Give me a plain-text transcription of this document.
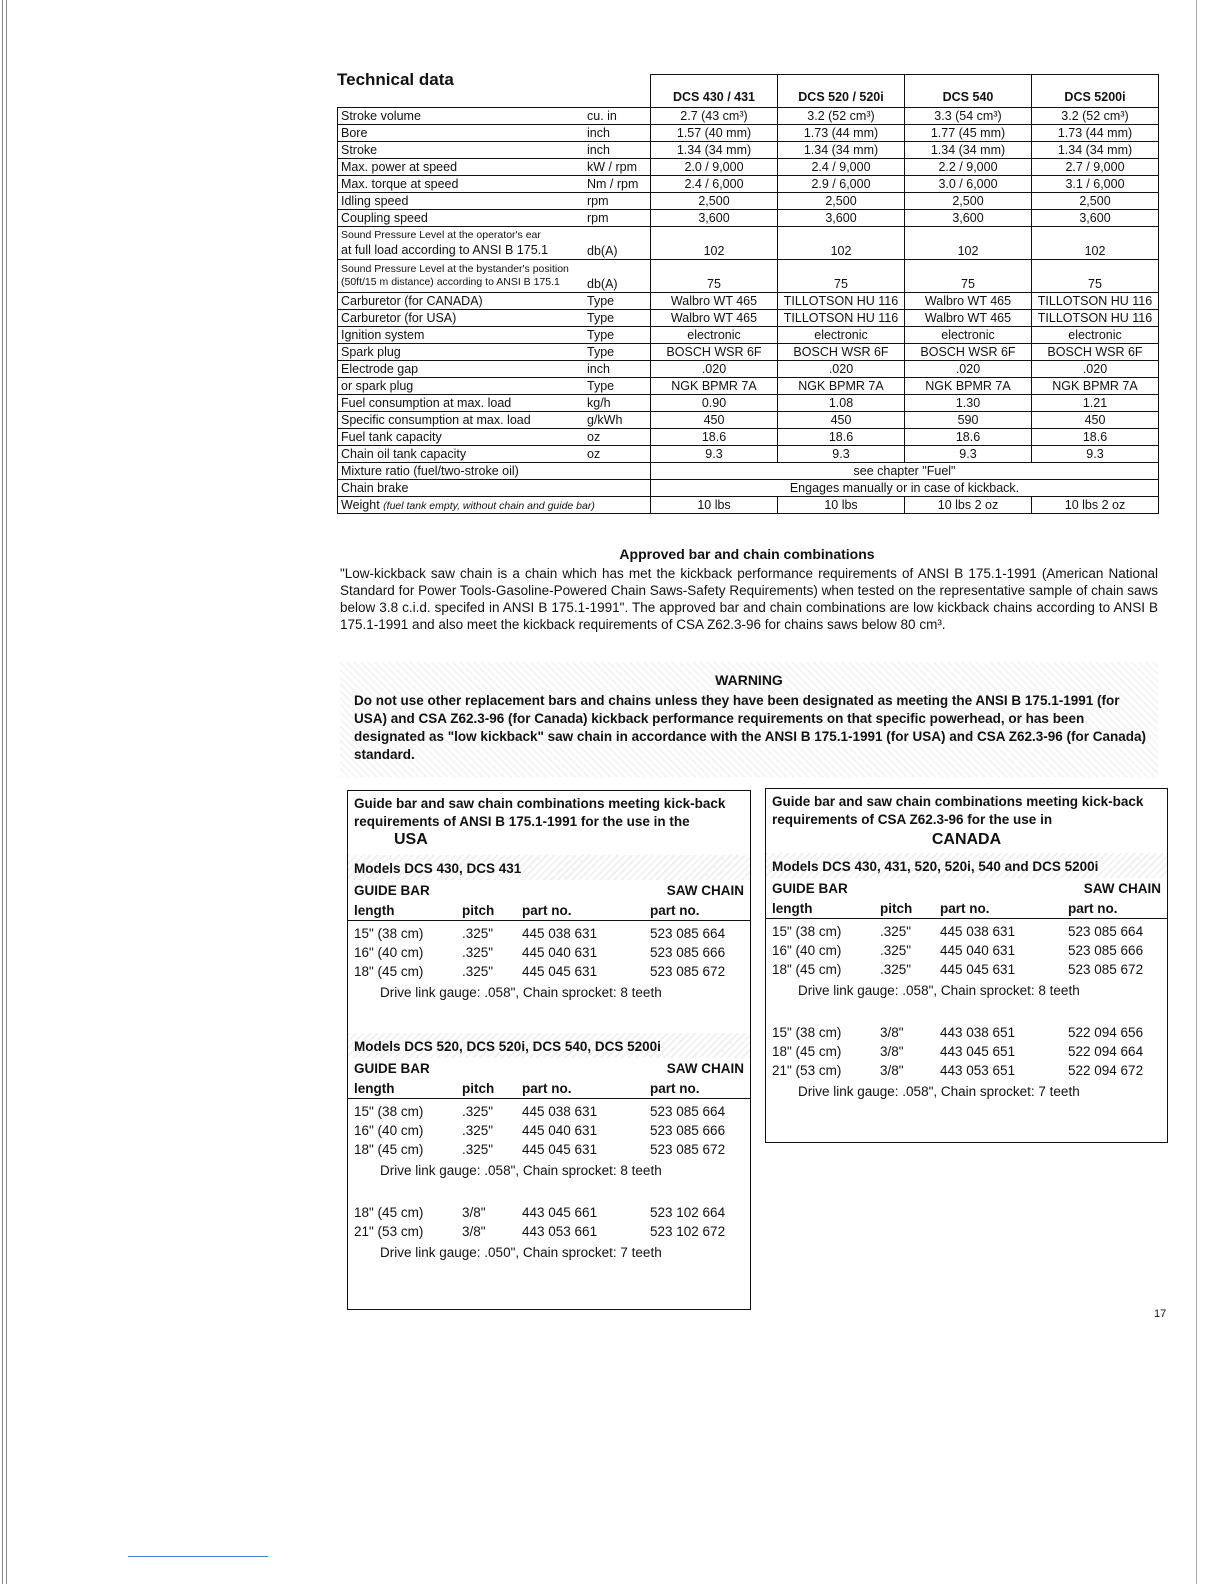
Technical data
		DCS 430 / 431	DCS 520 / 520i	DCS 540	DCS 5200i
Stroke volume	cu. in	2.7 (43 cm³)	3.2 (52 cm³)	3.3 (54 cm³)	3.2 (52 cm³)
Bore	inch	1.57 (40 mm)	1.73 (44 mm)	1.77 (45 mm)	1.73 (44 mm)
Stroke	inch	1.34 (34 mm)	1.34 (34 mm)	1.34 (34 mm)	1.34 (34 mm)
Max. power at speed	kW / rpm	2.0 / 9,000	2.4 / 9,000	2.2 / 9,000	2.7 / 9,000
Max. torque at speed	Nm / rpm	2.4 / 6,000	2.9 / 6,000	3.0 / 6,000	3.1 / 6,000
Idling speed	rpm	2,500	2,500	2,500	2,500
Coupling speed	rpm	3,600	3,600	3,600	3,600

Sound Pressure Level at the operator's ear
at full load according to ANSI B 175.1	db(A)	102	102	102	102

Sound Pressure Level at the bystander's position
(50ft/15 m distance) according to ANSI B 175.1	db(A)	75	75	75	75
Carburetor (for CANADA)	Type	Walbro WT 465	TILLOTSON HU 116	Walbro WT 465	TILLOTSON HU 116
Carburetor (for USA)	Type	Walbro WT 465	TILLOTSON HU 116	Walbro WT 465	TILLOTSON HU 116
Ignition system	Type	electronic	electronic	electronic	electronic
Spark plug	Type	BOSCH WSR 6F	BOSCH WSR 6F	BOSCH WSR 6F	BOSCH WSR 6F
Electrode gap	inch	.020	.020	.020	.020
or spark plug	Type	NGK BPMR 7A	NGK BPMR 7A	NGK BPMR 7A	NGK BPMR 7A
Fuel consumption at max. load	kg/h	0.90	1.08	1.30	1.21
Specific consumption at max. load	g/kWh	450	450	590	450
Fuel tank capacity	oz	18.6	18.6	18.6	18.6
Chain oil tank capacity	oz	9.3	9.3	9.3	9.3
Mixture ratio (fuel/two-stroke oil)		see chapter "Fuel"			
Chain brake		Engages manually or in case of kickback.			
Weight (fuel tank empty, without chain and guide bar)		10 lbs	10 lbs	10 lbs 2 oz	10 lbs 2 oz
Approved bar and chain combinations
"Low-kickback saw chain is a chain which has met the kickback performance requirements of ANSI B 175.1-1991 (American National Standard for Power Tools-Gasoline-Powered Chain Saws-Safety Requirements) when tested on the representative sample of chain saws below 3.8 c.i.d. specifed in ANSI B 175.1-1991". The approved bar and chain combinations are low kickback chains according to ANSI B 175.1-1991 and also meet the kickback requirements of CSA Z62.3-96 for chains saws below 80 cm³.
WARNING
Do not use other replacement bars and chains unless they have been designated as meeting the ANSI B 175.1-1991 (for USA) and CSA Z62.3-96 (for Canada) kickback performance requirements on that specific powerhead, or has been designated as "low kickback" saw chain in accordance with the ANSI B 175.1-1991 (for USA) and CSA Z62.3-96 (for Canada) standard.
Guide bar and saw chain combinations meeting kick-back requirements of ANSI B 175.1-1991 for the use in the USA
Models DCS 430, DCS 431
GUIDE BAR	SAW CHAIN
length	pitch	part no.	part no.
15" (38 cm)	.325"	445 038 631	523 085 664
16" (40 cm)	.325"	445 040 631	523 085 666
18" (45 cm)	.325"	445 045 631	523 085 672
Drive link gauge: .058", Chain sprocket: 8 teeth
Models DCS 520, DCS 520i, DCS 540, DCS 5200i
GUIDE BAR	SAW CHAIN
length	pitch	part no.	part no.
15" (38 cm)	.325"	445 038 631	523 085 664
16" (40 cm)	.325"	445 040 631	523 085 666
18" (45 cm)	.325"	445 045 631	523 085 672
Drive link gauge: .058", Chain sprocket: 8 teeth
18" (45 cm)	3/8"	443 045 661	523 102 664
21" (53 cm)	3/8"	443 053 661	523 102 672
Drive link gauge: .050", Chain sprocket: 7 teeth
Guide bar and saw chain combinations meeting kick-back requirements of CSA Z62.3-96 for the use in
CANADA
Models DCS 430, 431, 520, 520i, 540 and DCS 5200i
GUIDE BAR	SAW CHAIN
length	pitch	part no.	part no.
15" (38 cm)	.325"	445 038 631	523 085 664
16" (40 cm)	.325"	445 040 631	523 085 666
18" (45 cm)	.325"	445 045 631	523 085 672
Drive link gauge: .058", Chain sprocket: 8 teeth
15" (38 cm)	3/8"	443 038 651	522 094 656
18" (45 cm)	3/8"	443 045 651	522 094 664
21" (53 cm)	3/8"	443 053 651	522 094 672
Drive link gauge: .058", Chain sprocket: 7 teeth
17
